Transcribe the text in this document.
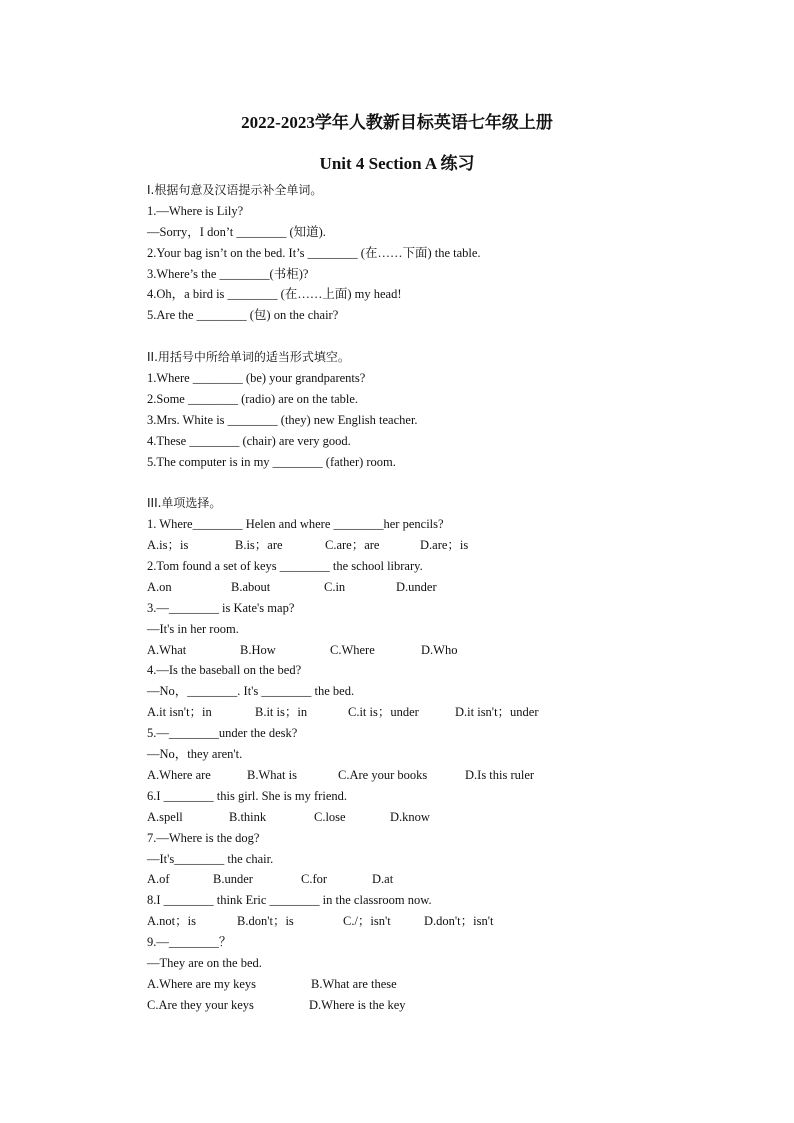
2022-2023学年人教新目标英语七年级上册
Unit 4 Section A 练习
I.根据句意及汉语提示补全单词。
1.—Where is Lily?
—Sorry，I don’t ________ (知道).
2.Your bag isn’t on the bed. It’s ________ (在……下面) the table.
3.Where’s the ________(书柜)?
4.Oh，a bird is ________ (在……上面) my head!
5.Are the ________ (包) on the chair?
II.用括号中所给单词的适当形式填空。
1.Where ________ (be) your grandparents?
2.Some ________ (radio) are on the table.
3.Mrs. White is ________ (they) new English teacher.
4.These ________ (chair) are very good.
5.The computer is in my ________ (father) room.
III.单项选择。
1. Where________ Helen and where ________her pencils?
A.is；is	B.is；are	C.are；are	D.are；is
2.Tom found a set of keys ________ the school library.
A.on	B.about	C.in	D.under
3.—________ is Kate's map?
—It's in her room.
A.What	B.How	C.Where	D.Who
4.—Is the baseball on the bed?
—No，________. It's ________ the bed.
A.it isn't；in	B.it is；in	C.it is；under	D.it isn't；under
5.—________under the desk?
—No，they aren't.
A.Where are	B.What is	C.Are your books	D.Is this ruler
6.I ________ this girl. She is my friend.
A.spell	B.think	C.lose	D.know
7.—Where is the dog?
—It's________ the chair.
A.of	B.under	C.for	D.at
8.I ________ think Eric ________ in the classroom now.
A.not；is	B.don't；is	C./；isn't	D.don't；isn't
9.—________？
—They are on the bed.
A.Where are my keys	B.What are these
C.Are they your keys	D.Where is the key
